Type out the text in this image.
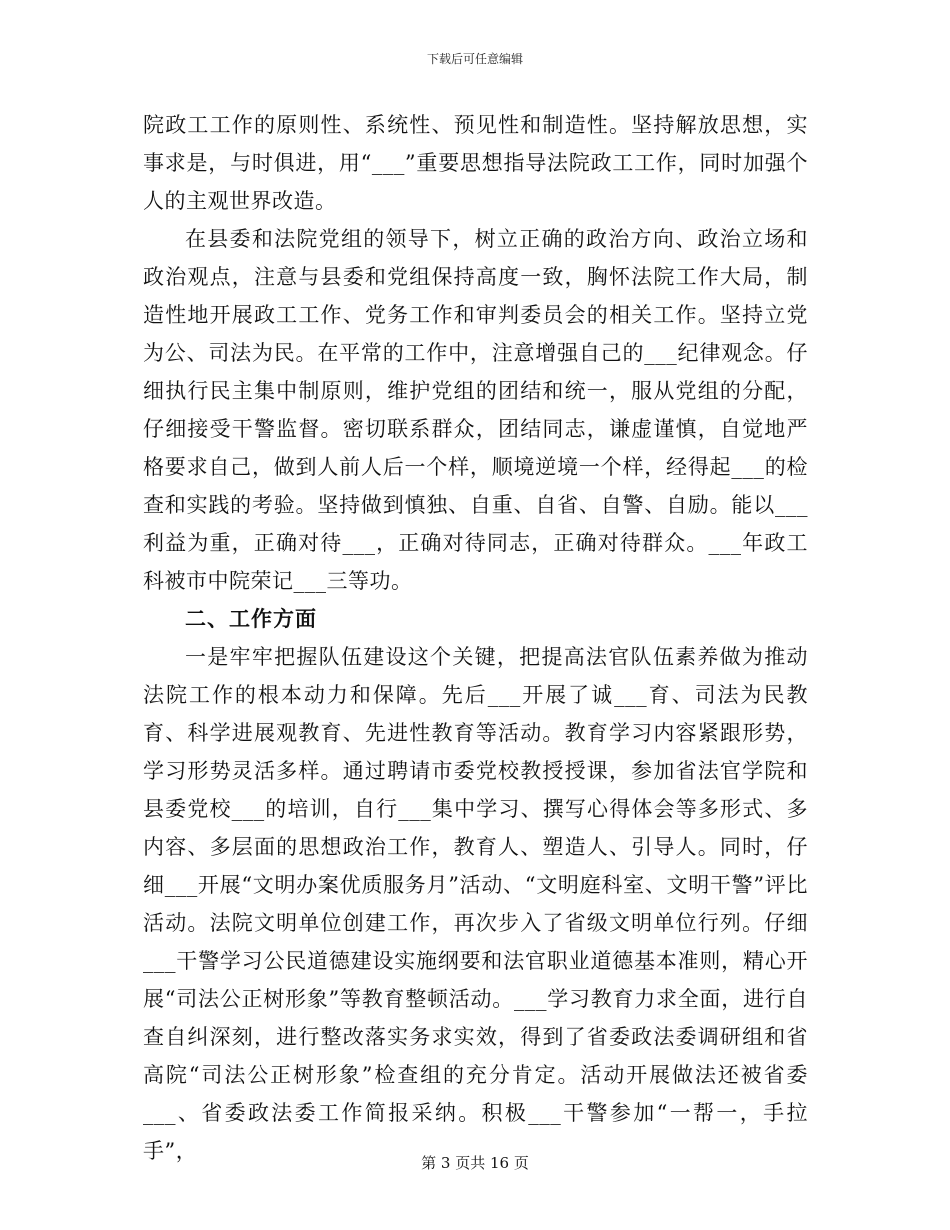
下载后可任意编辑

院政工工作的原则性、系统性、预见性和制造性。坚持解放思想，实事求是，与时俱进，用“___”重要思想指导法院政工工作，同时加强个人的主观世界改造。

在县委和法院党组的领导下，树立正确的政治方向、政治立场和政治观点，注意与县委和党组保持高度一致，胸怀法院工作大局，制造性地开展政工工作、党务工作和审判委员会的相关工作。坚持立党为公、司法为民。在平常的工作中，注意增强自己的___纪律观念。仔细执行民主集中制原则，维护党组的团结和统一，服从党组的分配，仔细接受干警监督。密切联系群众，团结同志，谦虚谨慎，自觉地严格要求自己，做到人前人后一个样，顺境逆境一个样，经得起___的检查和实践的考验。坚持做到慎独、自重、自省、自警、自励。能以___利益为重，正确对待___，正确对待同志，正确对待群众。___年政工科被市中院荣记___三等功。

二、工作方面

一是牢牢把握队伍建设这个关键，把提高法官队伍素养做为推动法院工作的根本动力和保障。先后___开展了诚___育、司法为民教育、科学进展观教育、先进性教育等活动。教育学习内容紧跟形势，学习形势灵活多样。通过聘请市委党校教授授课，参加省法官学院和县委党校___的培训，自行___集中学习、撰写心得体会等多形式、多内容、多层面的思想政治工作，教育人、塑造人、引导人。同时，仔细___开展“文明办案优质服务月”活动、“文明庭科室、文明干警”评比活动。法院文明单位创建工作，再次步入了省级文明单位行列。仔细___干警学习公民道德建设实施纲要和法官职业道德基本准则，精心开展“司法公正树形象”等教育整顿活动。___学习教育力求全面，进行自查自纠深刻，进行整改落实务求实效，得到了省委政法委调研组和省高院“司法公正树形象”检查组的充分肯定。活动开展做法还被省委___、省委政法委工作简报采纳。积极___干警参加“一帮一，手拉手”，	第 3 页共 16 页
